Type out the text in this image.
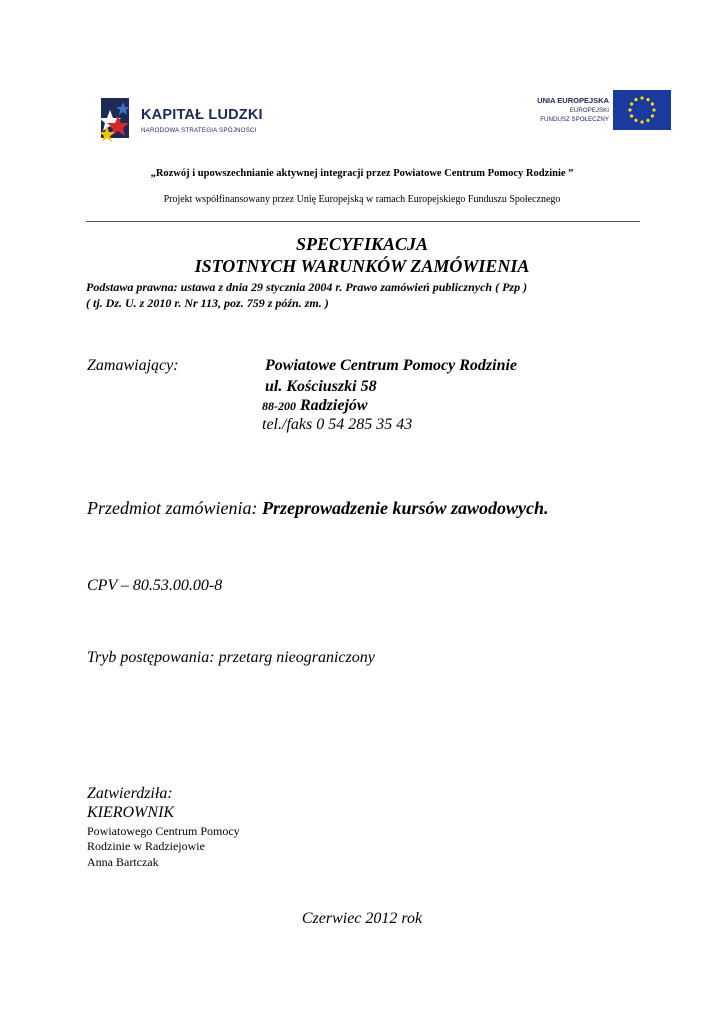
KAPITAŁ LUDZKI
NARODOWA STRATEGIA SPÓJNOŚCI
UNIA EUROPEJSKA
EUROPEJSKI
FUNDUSZ SPOŁECZNY
„Rozwój i upowszechnianie aktywnej integracji przez Powiatowe Centrum Pomocy Rodzinie ”
Projekt współfinansowany przez Unię Europejską w ramach Europejskiego Funduszu Społecznego
SPECYFIKACJA
ISTOTNYCH WARUNKÓW ZAMÓWIENIA
Podstawa prawna: ustawa z dnia 29 stycznia 2004 r. Prawo zamówień publicznych ( Pzp )
( tj. Dz. U. z 2010 r. Nr 113, poz. 759 z późn. zm. )
Zamawiający:	Powiatowe Centrum Pomocy Rodzinie
ul. Kościuszki 58
88-200 Radziejów
tel./faks 0 54 285 35 43
Przedmiot zamówienia: Przeprowadzenie kursów zawodowych.
CPV – 80.53.00.00-8
Tryb postępowania: przetarg nieograniczony
Zatwierdziła:
KIEROWNIK
Powiatowego Centrum Pomocy
Rodzinie w Radziejowie
Anna Bartczak
Czerwiec 2012 rok
